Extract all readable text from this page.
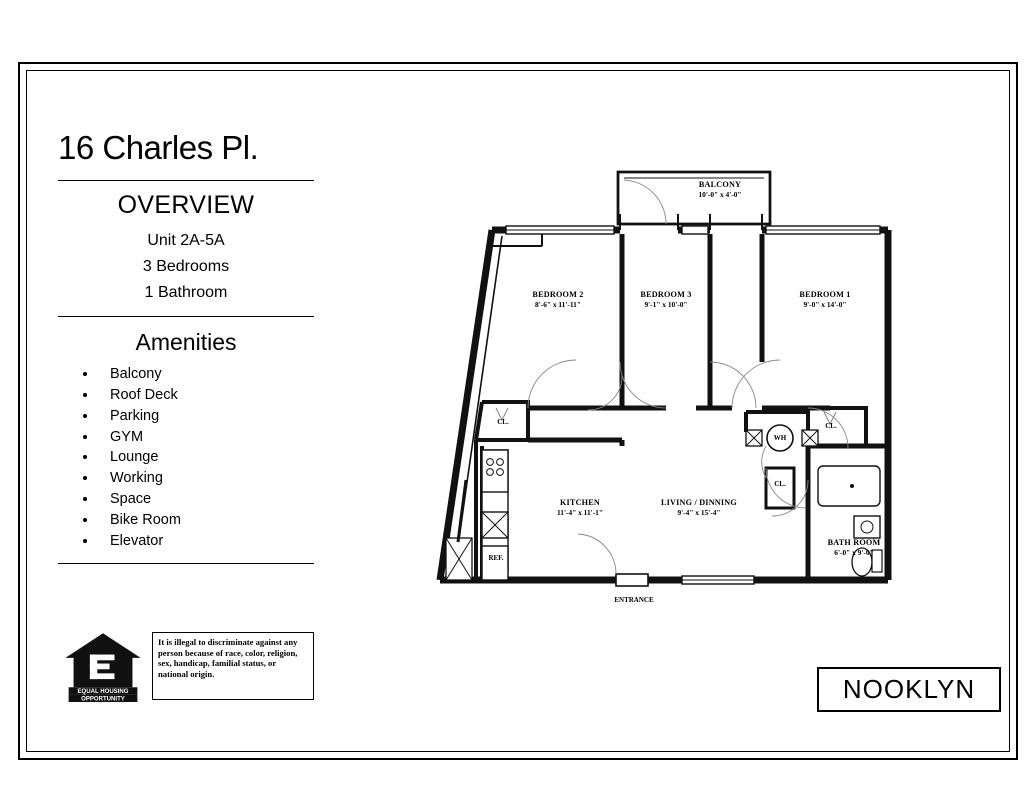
16 Charles Pl.
OVERVIEW
Unit 2A-5A
3 Bedrooms
1 Bathroom
Amenities
• Balcony
• Roof Deck
• Parking
• GYM
• Lounge
• Working
• Space
• Bike Room
• Elevator
EQUAL HOUSING
OPPORTUNITY
It is illegal to discriminate against any person because of race, color, religion, sex, handicap, familial status, or national origin.
NOOKLYN
BALCONY
10'-0" x 4'-0"
BEDROOM 2
8'-6" x 11'-11"
BEDROOM 3
9'-1" x 10'-0"
BEDROOM 1
9'-0" x 14'-0"
KITCHEN
11'-4" x 11'-1"
LIVING / DINNING
9'-4" x 15'-4"
BATH ROOM
6'-0" x 9'-0"
CL.	CL.
CL.
WH
REF.
ENTRANCE
